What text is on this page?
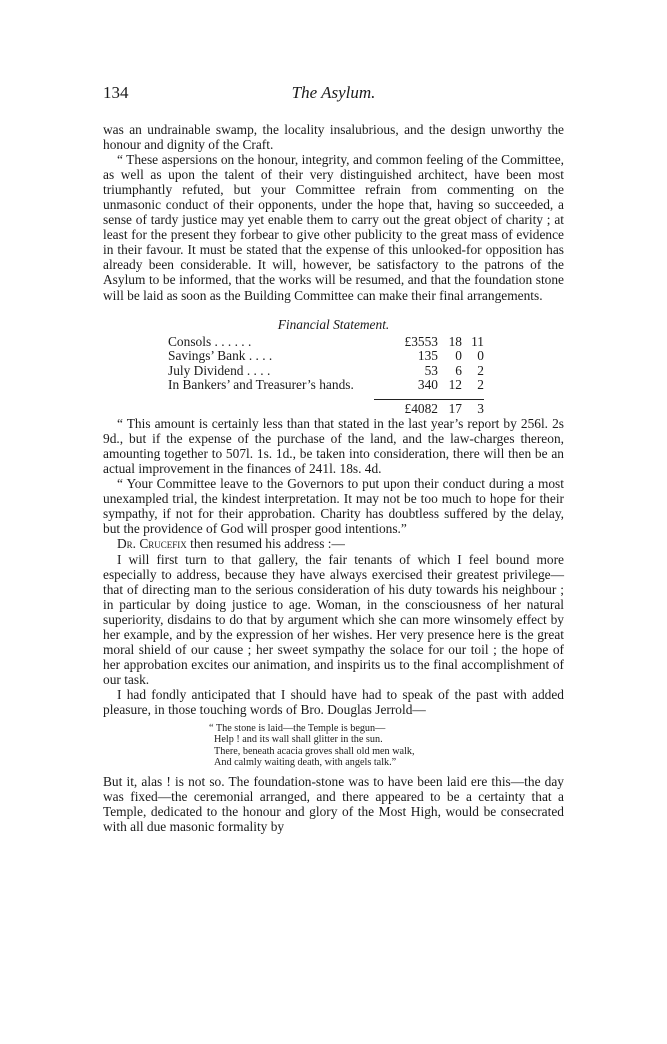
134	The Asylum.

was an undrainable swamp, the locality insalubrious, and the design unworthy the honour and dignity of the Craft.

“ These aspersions on the honour, integrity, and common feeling of the Committee, as well as upon the talent of their very distinguished architect, have been most triumphantly refuted, but your Committee refrain from commenting on the unmasonic conduct of their opponents, under the hope that, having so succeeded, a sense of tardy justice may yet enable them to carry out the great object of charity ; at least for the present they forbear to give other publicity to the great mass of evidence in their favour. It must be stated that the expense of this unlooked-for opposition has already been considerable. It will, however, be satisfactory to the patrons of the Asylum to be informed, that the works will be resumed, and that the foundation stone will be laid as soon as the Building Committee can make their final arrangements.

Financial Statement.
Consols . . . . . .	£3553	18	11
Savings’ Bank . . . .	135	0	0
July Dividend . . . .	53	6	2
In Bankers’ and Treasurer’s hands.	340	12	2

	£4082	17	3

“ This amount is certainly less than that stated in the last year’s report by 256l. 2s 9d., but if the expense of the purchase of the land, and the law-charges thereon, amounting together to 507l. 1s. 1d., be taken into consideration, there will then be an actual improvement in the finances of 241l. 18s. 4d.

“ Your Committee leave to the Governors to put upon their conduct during a most unexampled trial, the kindest interpretation. It may not be too much to hope for their sympathy, if not for their approbation. Charity has doubtless suffered by the delay, but the providence of God will prosper good intentions.”

Dr. Crucefix then resumed his address :—

I will first turn to that gallery, the fair tenants of which I feel bound more especially to address, because they have always exercised their greatest privilege—that of directing man to the serious consideration of his duty towards his neighbour ; in particular by doing justice to age. Woman, in the consciousness of her natural superiority, disdains to do that by argument which she can more winsomely effect by her example, and by the expression of her wishes. Her very presence here is the great moral shield of our cause ; her sweet sympathy the solace for our toil ; the hope of her approbation excites our animation, and inspirits us to the final accomplishment of our task.

I had fondly anticipated that I should have had to speak of the past with added pleasure, in those touching words of Bro. Douglas Jerrold—

“ The stone is laid—the Temple is begun—
Help ! and its wall shall glitter in the sun.
There, beneath acacia groves shall old men walk,
And calmly waiting death, with angels talk.”

But it, alas ! is not so. The foundation-stone was to have been laid ere this—the day was fixed—the ceremonial arranged, and there appeared to be a certainty that a Temple, dedicated to the honour and glory of the Most High, would be consecrated with all due masonic formality by
